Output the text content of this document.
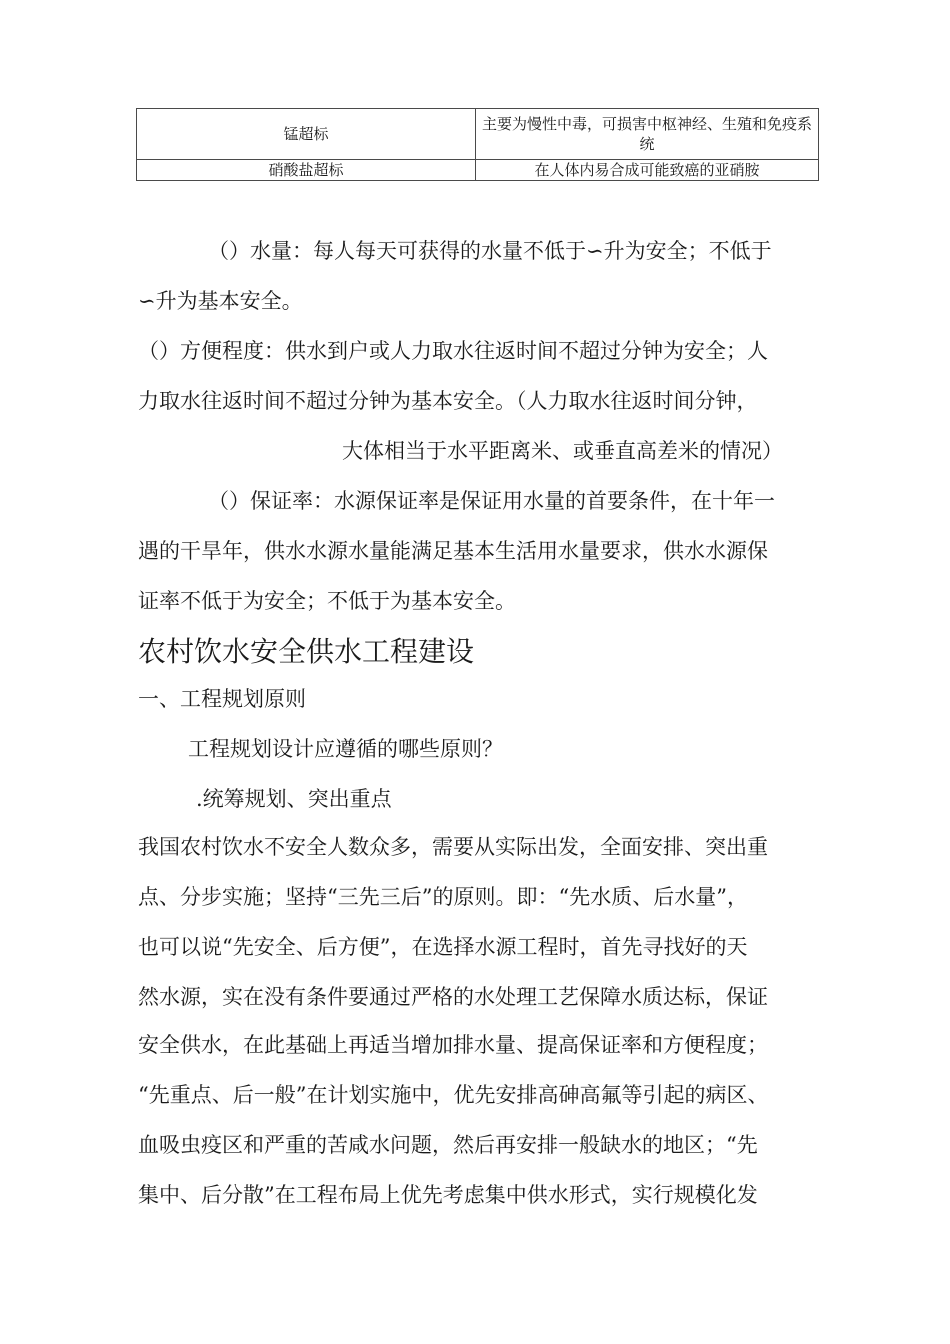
锰超标	主要为慢性中毒，可损害中枢神经、生殖和免疫系统
硝酸盐超标	在人体内易合成可能致癌的亚硝胺
（）水量：每人每天可获得的水量不低于∽升为安全；不低于
∽升为基本安全。
（）方便程度：供水到户或人力取水往返时间不超过分钟为安全；人
力取水往返时间不超过分钟为基本安全。（人力取水往返时间分钟，
大体相当于水平距离米、或垂直高差米的情况）
（）保证率：水源保证率是保证用水量的首要条件，在十年一
遇的干旱年，供水水源水量能满足基本生活用水量要求，供水水源保
证率不低于为安全；不低于为基本安全。
农村饮水安全供水工程建设
一、工程规划原则
工程规划设计应遵循的哪些原则？
.统筹规划、突出重点
我国农村饮水不安全人数众多，需要从实际出发，全面安排、突出重
点、分步实施；坚持“三先三后”的原则。即：“先水质、后水量”，
也可以说“先安全、后方便”，在选择水源工程时，首先寻找好的天
然水源，实在没有条件要通过严格的水处理工艺保障水质达标，保证
安全供水，在此基础上再适当增加排水量、提高保证率和方便程度；
“先重点、后一般”在计划实施中，优先安排高砷高氟等引起的病区、
血吸虫疫区和严重的苦咸水问题，然后再安排一般缺水的地区；“先
集中、后分散”在工程布局上优先考虑集中供水形式，实行规模化发
